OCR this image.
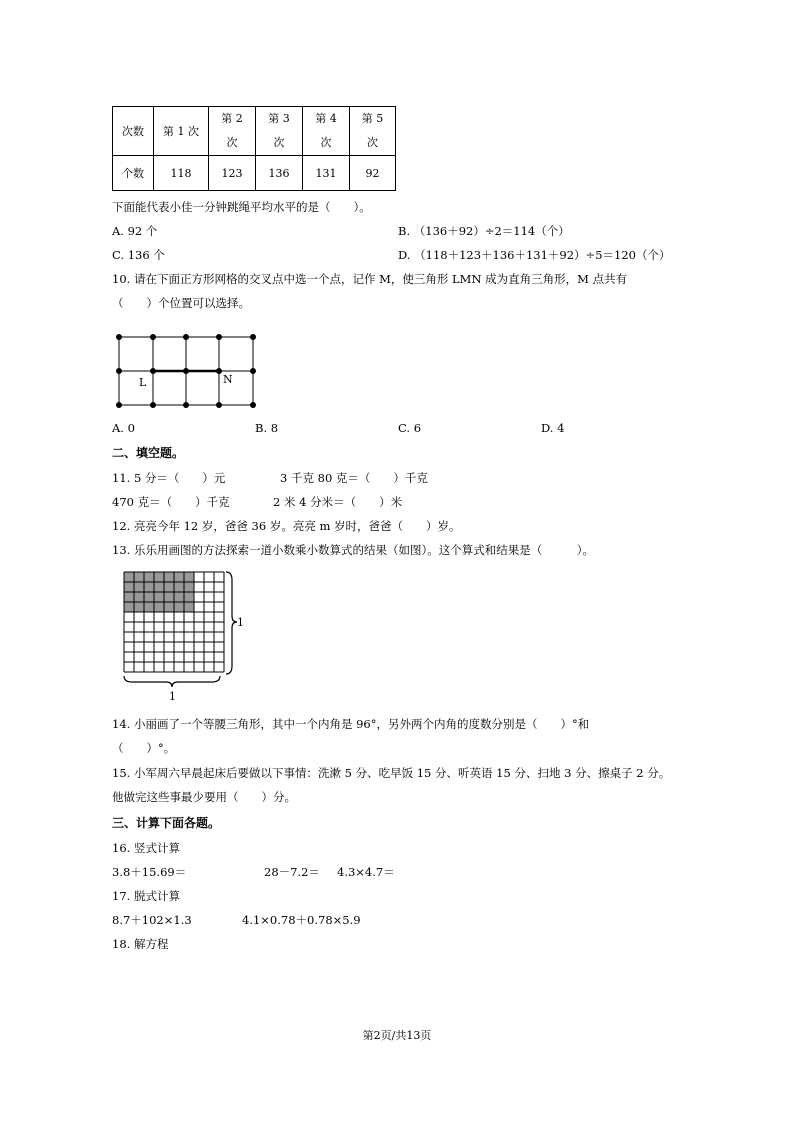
次数	第 1 次	第 2 次	第 3 次	第 4 次	第 5 次
个数	118	123	136	131	92
下面能代表小佳一分钟跳绳平均水平的是（　　）。
A. 92 个	B. （136＋92）÷2＝114（个）
C. 136 个	D. （118＋123＋136＋131＋92）÷5＝120（个）
10. 请在下面正方形网格的交叉点中选一个点，记作 M，使三角形 LMN 成为直角三角形，M 点共有
（　　）个位置可以选择。
L	N
A. 0	B. 8	C. 6	D. 4
二、填空题。
11. 5 分＝（　　）元	3 千克 80 克＝（　　）千克
470 克＝（　　）千克	2 米 4 分米＝（　　）米
12. 亮亮今年 12 岁，爸爸 36 岁。亮亮 m 岁时，爸爸（　　）岁。
13. 乐乐用画图的方法探索一道小数乘小数算式的结果（如图）。这个算式和结果是（　　　）。
1
1
14. 小丽画了一个等腰三角形，其中一个内角是 96°，另外两个内角的度数分别是（　　）°和
（　　）°。
15. 小军周六早晨起床后要做以下事情：洗漱 5 分、吃早饭 15 分、听英语 15 分、扫地 3 分、擦桌子 2 分。
他做完这些事最少要用（　　）分。
三、计算下面各题。
16. 竖式计算
3.8＋15.69＝	28－7.2＝ 4.3×4.7＝
17. 脱式计算
8.7＋102×1.3	4.1×0.78＋0.78×5.9
18. 解方程
第2页/共13页
